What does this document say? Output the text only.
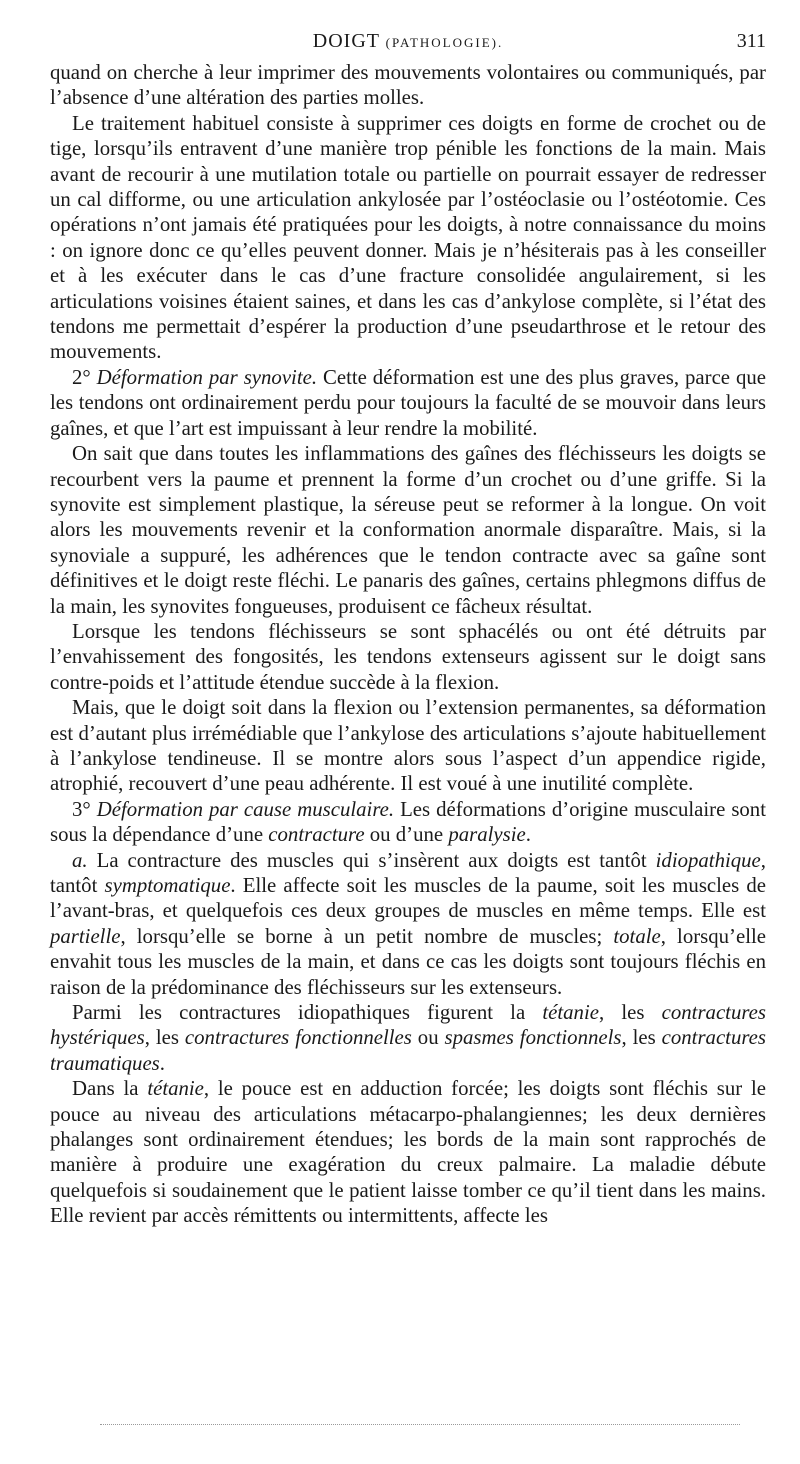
DOIGT (PATHOLOGIE).	311

quand on cherche à leur imprimer des mouvements volontaires ou communiqués, par l’absence d’une altération des parties molles.

Le traitement habituel consiste à supprimer ces doigts en forme de crochet ou de tige, lorsqu’ils entravent d’une manière trop pénible les fonctions de la main. Mais avant de recourir à une mutilation totale ou partielle on pourrait essayer de redresser un cal difforme, ou une articulation ankylosée par l’ostéoclasie ou l’ostéotomie. Ces opérations n’ont jamais été pratiquées pour les doigts, à notre connaissance du moins : on ignore donc ce qu’elles peuvent donner. Mais je n’hésiterais pas à les conseiller et à les exécuter dans le cas d’une fracture consolidée angulairement, si les articulations voisines étaient saines, et dans les cas d’ankylose complète, si l’état des tendons me permettait d’espérer la production d’une pseudarthrose et le retour des mouvements.

2° Déformation par synovite. Cette déformation est une des plus graves, parce que les tendons ont ordinairement perdu pour toujours la faculté de se mouvoir dans leurs gaînes, et que l’art est impuissant à leur rendre la mobilité.

On sait que dans toutes les inflammations des gaînes des fléchisseurs les doigts se recourbent vers la paume et prennent la forme d’un crochet ou d’une griffe. Si la synovite est simplement plastique, la séreuse peut se reformer à la longue. On voit alors les mouvements revenir et la conformation anormale disparaître. Mais, si la synoviale a suppuré, les adhérences que le tendon contracte avec sa gaîne sont définitives et le doigt reste fléchi. Le panaris des gaînes, certains phlegmons diffus de la main, les synovites fongueuses, produisent ce fâcheux résultat.

Lorsque les tendons fléchisseurs se sont sphacélés ou ont été détruits par l’envahissement des fongosités, les tendons extenseurs agissent sur le doigt sans contre-poids et l’attitude étendue succède à la flexion.

Mais, que le doigt soit dans la flexion ou l’extension permanentes, sa déformation est d’autant plus irrémédiable que l’ankylose des articulations s’ajoute habituellement à l’ankylose tendineuse. Il se montre alors sous l’aspect d’un appendice rigide, atrophié, recouvert d’une peau adhérente. Il est voué à une inutilité complète.

3° Déformation par cause musculaire. Les déformations d’origine musculaire sont sous la dépendance d’une contracture ou d’une paralysie.

a. La contracture des muscles qui s’insèrent aux doigts est tantôt idiopathique, tantôt symptomatique. Elle affecte soit les muscles de la paume, soit les muscles de l’avant-bras, et quelquefois ces deux groupes de muscles en même temps. Elle est partielle, lorsqu’elle se borne à un petit nombre de muscles; totale, lorsqu’elle envahit tous les muscles de la main, et dans ce cas les doigts sont toujours fléchis en raison de la prédominance des fléchisseurs sur les extenseurs.

Parmi les contractures idiopathiques figurent la tétanie, les contractures hystériques, les contractures fonctionnelles ou spasmes fonctionnels, les contractures traumatiques.

Dans la tétanie, le pouce est en adduction forcée; les doigts sont fléchis sur le pouce au niveau des articulations métacarpo-phalangiennes; les deux dernières phalanges sont ordinairement étendues; les bords de la main sont rapprochés de manière à produire une exagération du creux palmaire. La maladie débute quelquefois si soudainement que le patient laisse tomber ce qu’il tient dans les mains. Elle revient par accès rémittents ou intermittents, affecte les
